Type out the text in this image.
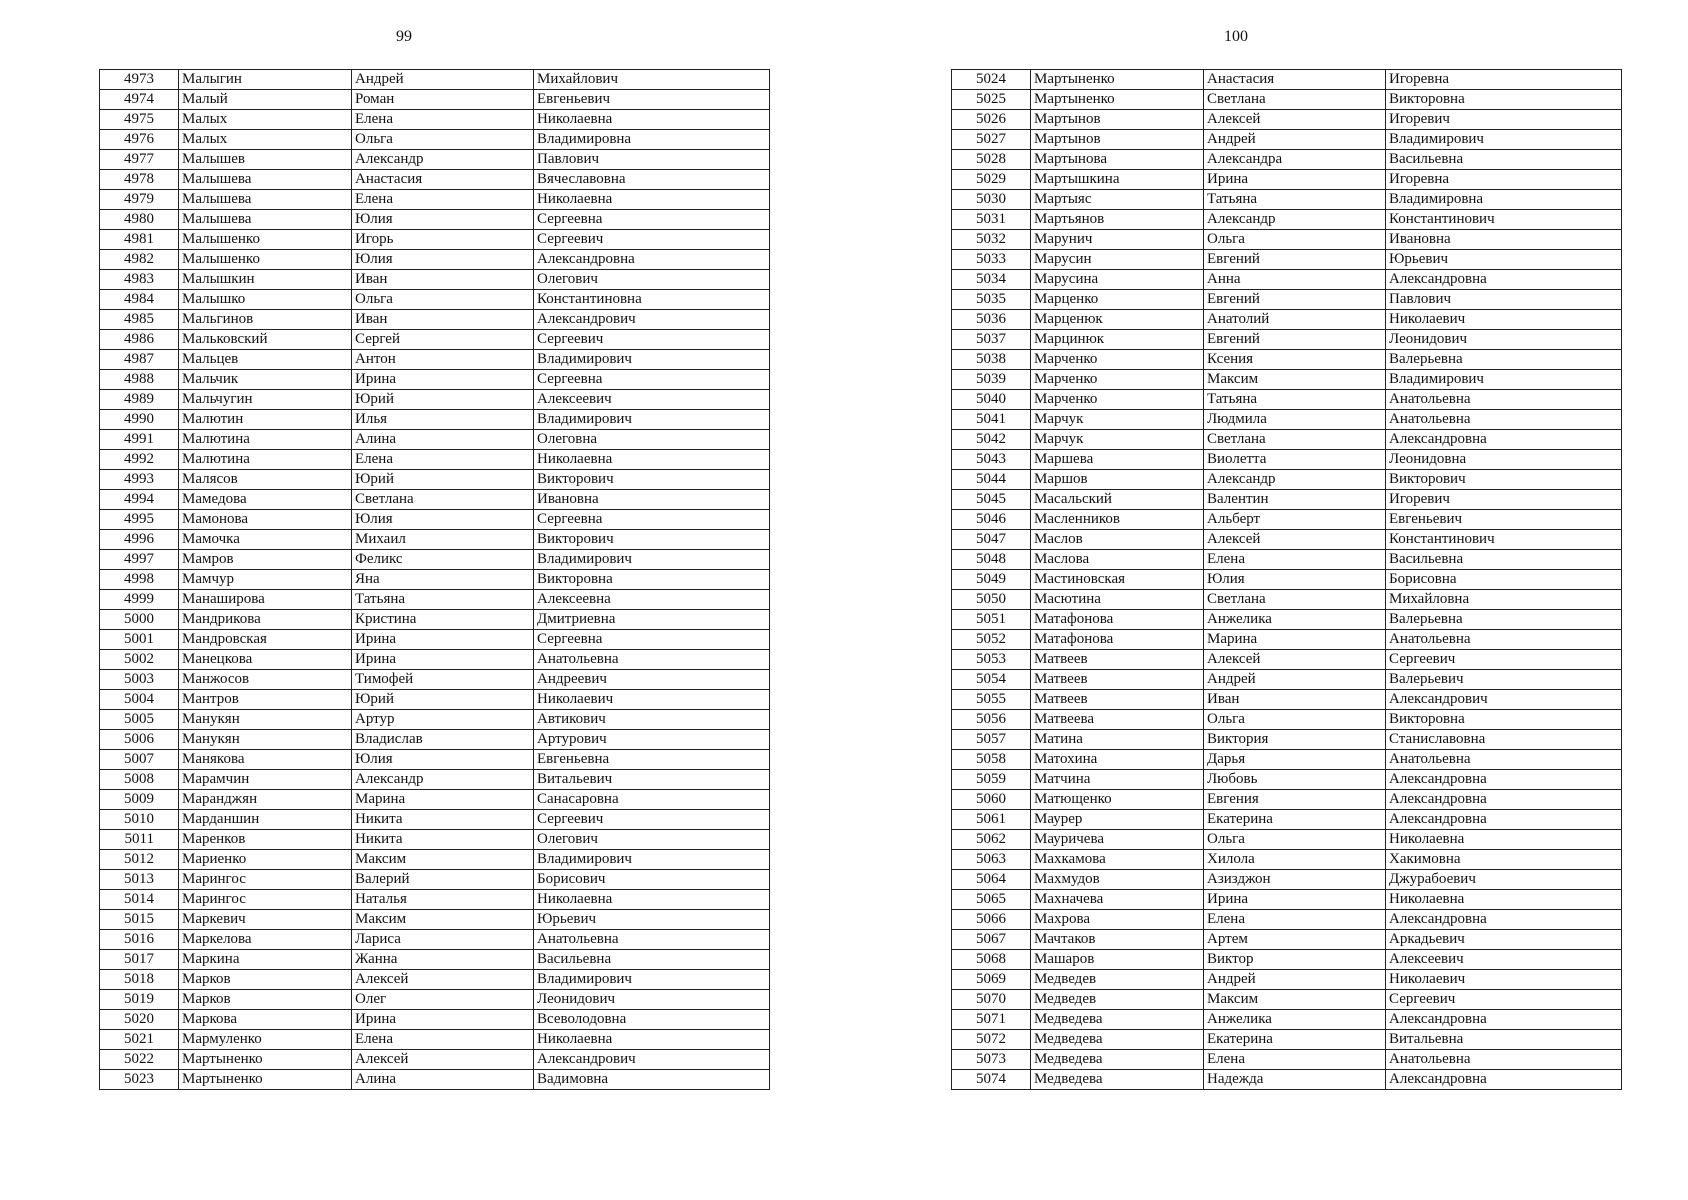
99
4973	Малыгин	Андрей	Михайлович
4974	Малый	Роман	Евгеньевич
4975	Малых	Елена	Николаевна
4976	Малых	Ольга	Владимировна
4977	Малышев	Александр	Павлович
4978	Малышева	Анастасия	Вячеславовна
4979	Малышева	Елена	Николаевна
4980	Малышева	Юлия	Сергеевна
4981	Малышенко	Игорь	Сергеевич
4982	Малышенко	Юлия	Александровна
4983	Малышкин	Иван	Олегович
4984	Малышко	Ольга	Константиновна
4985	Мальгинов	Иван	Александрович
4986	Мальковский	Сергей	Сергеевич
4987	Мальцев	Антон	Владимирович
4988	Мальчик	Ирина	Сергеевна
4989	Мальчугин	Юрий	Алексеевич
4990	Малютин	Илья	Владимирович
4991	Малютина	Алина	Олеговна
4992	Малютина	Елена	Николаевна
4993	Малясов	Юрий	Викторович
4994	Мамедова	Светлана	Ивановна
4995	Мамонова	Юлия	Сергеевна
4996	Мамочка	Михаил	Викторович
4997	Мамров	Феликс	Владимирович
4998	Мамчур	Яна	Викторовна
4999	Манаширова	Татьяна	Алексеевна
5000	Мандрикова	Кристина	Дмитриевна
5001	Мандровская	Ирина	Сергеевна
5002	Манецкова	Ирина	Анатольевна
5003	Манжосов	Тимофей	Андреевич
5004	Мантров	Юрий	Николаевич
5005	Манукян	Артур	Автикович
5006	Манукян	Владислав	Артурович
5007	Манякова	Юлия	Евгеньевна
5008	Марамчин	Александр	Витальевич
5009	Маранджян	Марина	Санасаровна
5010	Марданшин	Никита	Сергеевич
5011	Маренков	Никита	Олегович
5012	Мариенко	Максим	Владимирович
5013	Марингос	Валерий	Борисович
5014	Марингос	Наталья	Николаевна
5015	Маркевич	Максим	Юрьевич
5016	Маркелова	Лариса	Анатольевна
5017	Маркина	Жанна	Васильевна
5018	Марков	Алексей	Владимирович
5019	Марков	Олег	Леонидович
5020	Маркова	Ирина	Всеволодовна
5021	Мармуленко	Елена	Николаевна
5022	Мартыненко	Алексей	Александрович
5023	Мартыненко	Алина	Вадимовна
100
5024	Мартыненко	Анастасия	Игоревна
5025	Мартыненко	Светлана	Викторовна
5026	Мартынов	Алексей	Игоревич
5027	Мартынов	Андрей	Владимирович
5028	Мартынова	Александра	Васильевна
5029	Мартышкина	Ирина	Игоревна
5030	Мартыяс	Татьяна	Владимировна
5031	Мартьянов	Александр	Константинович
5032	Марунич	Ольга	Ивановна
5033	Марусин	Евгений	Юрьевич
5034	Марусина	Анна	Александровна
5035	Марценко	Евгений	Павлович
5036	Марценюк	Анатолий	Николаевич
5037	Марцинюк	Евгений	Леонидович
5038	Марченко	Ксения	Валерьевна
5039	Марченко	Максим	Владимирович
5040	Марченко	Татьяна	Анатольевна
5041	Марчук	Людмила	Анатольевна
5042	Марчук	Светлана	Александровна
5043	Маршева	Виолетта	Леонидовна
5044	Маршов	Александр	Викторович
5045	Масальский	Валентин	Игоревич
5046	Масленников	Альберт	Евгеньевич
5047	Маслов	Алексей	Константинович
5048	Маслова	Елена	Васильевна
5049	Мастиновская	Юлия	Борисовна
5050	Масютина	Светлана	Михайловна
5051	Матафонова	Анжелика	Валерьевна
5052	Матафонова	Марина	Анатольевна
5053	Матвеев	Алексей	Сергеевич
5054	Матвеев	Андрей	Валерьевич
5055	Матвеев	Иван	Александрович
5056	Матвеева	Ольга	Викторовна
5057	Матина	Виктория	Станиславовна
5058	Матохина	Дарья	Анатольевна
5059	Матчина	Любовь	Александровна
5060	Матющенко	Евгения	Александровна
5061	Маурер	Екатерина	Александровна
5062	Мауричева	Ольга	Николаевна
5063	Махкамова	Хилола	Хакимовна
5064	Махмудов	Азизджон	Джурабоевич
5065	Махначева	Ирина	Николаевна
5066	Махрова	Елена	Александровна
5067	Мачтаков	Артем	Аркадьевич
5068	Машаров	Виктор	Алексеевич
5069	Медведев	Андрей	Николаевич
5070	Медведев	Максим	Сергеевич
5071	Медведева	Анжелика	Александровна
5072	Медведева	Екатерина	Витальевна
5073	Медведева	Елена	Анатольевна
5074	Медведева	Надежда	Александровна
